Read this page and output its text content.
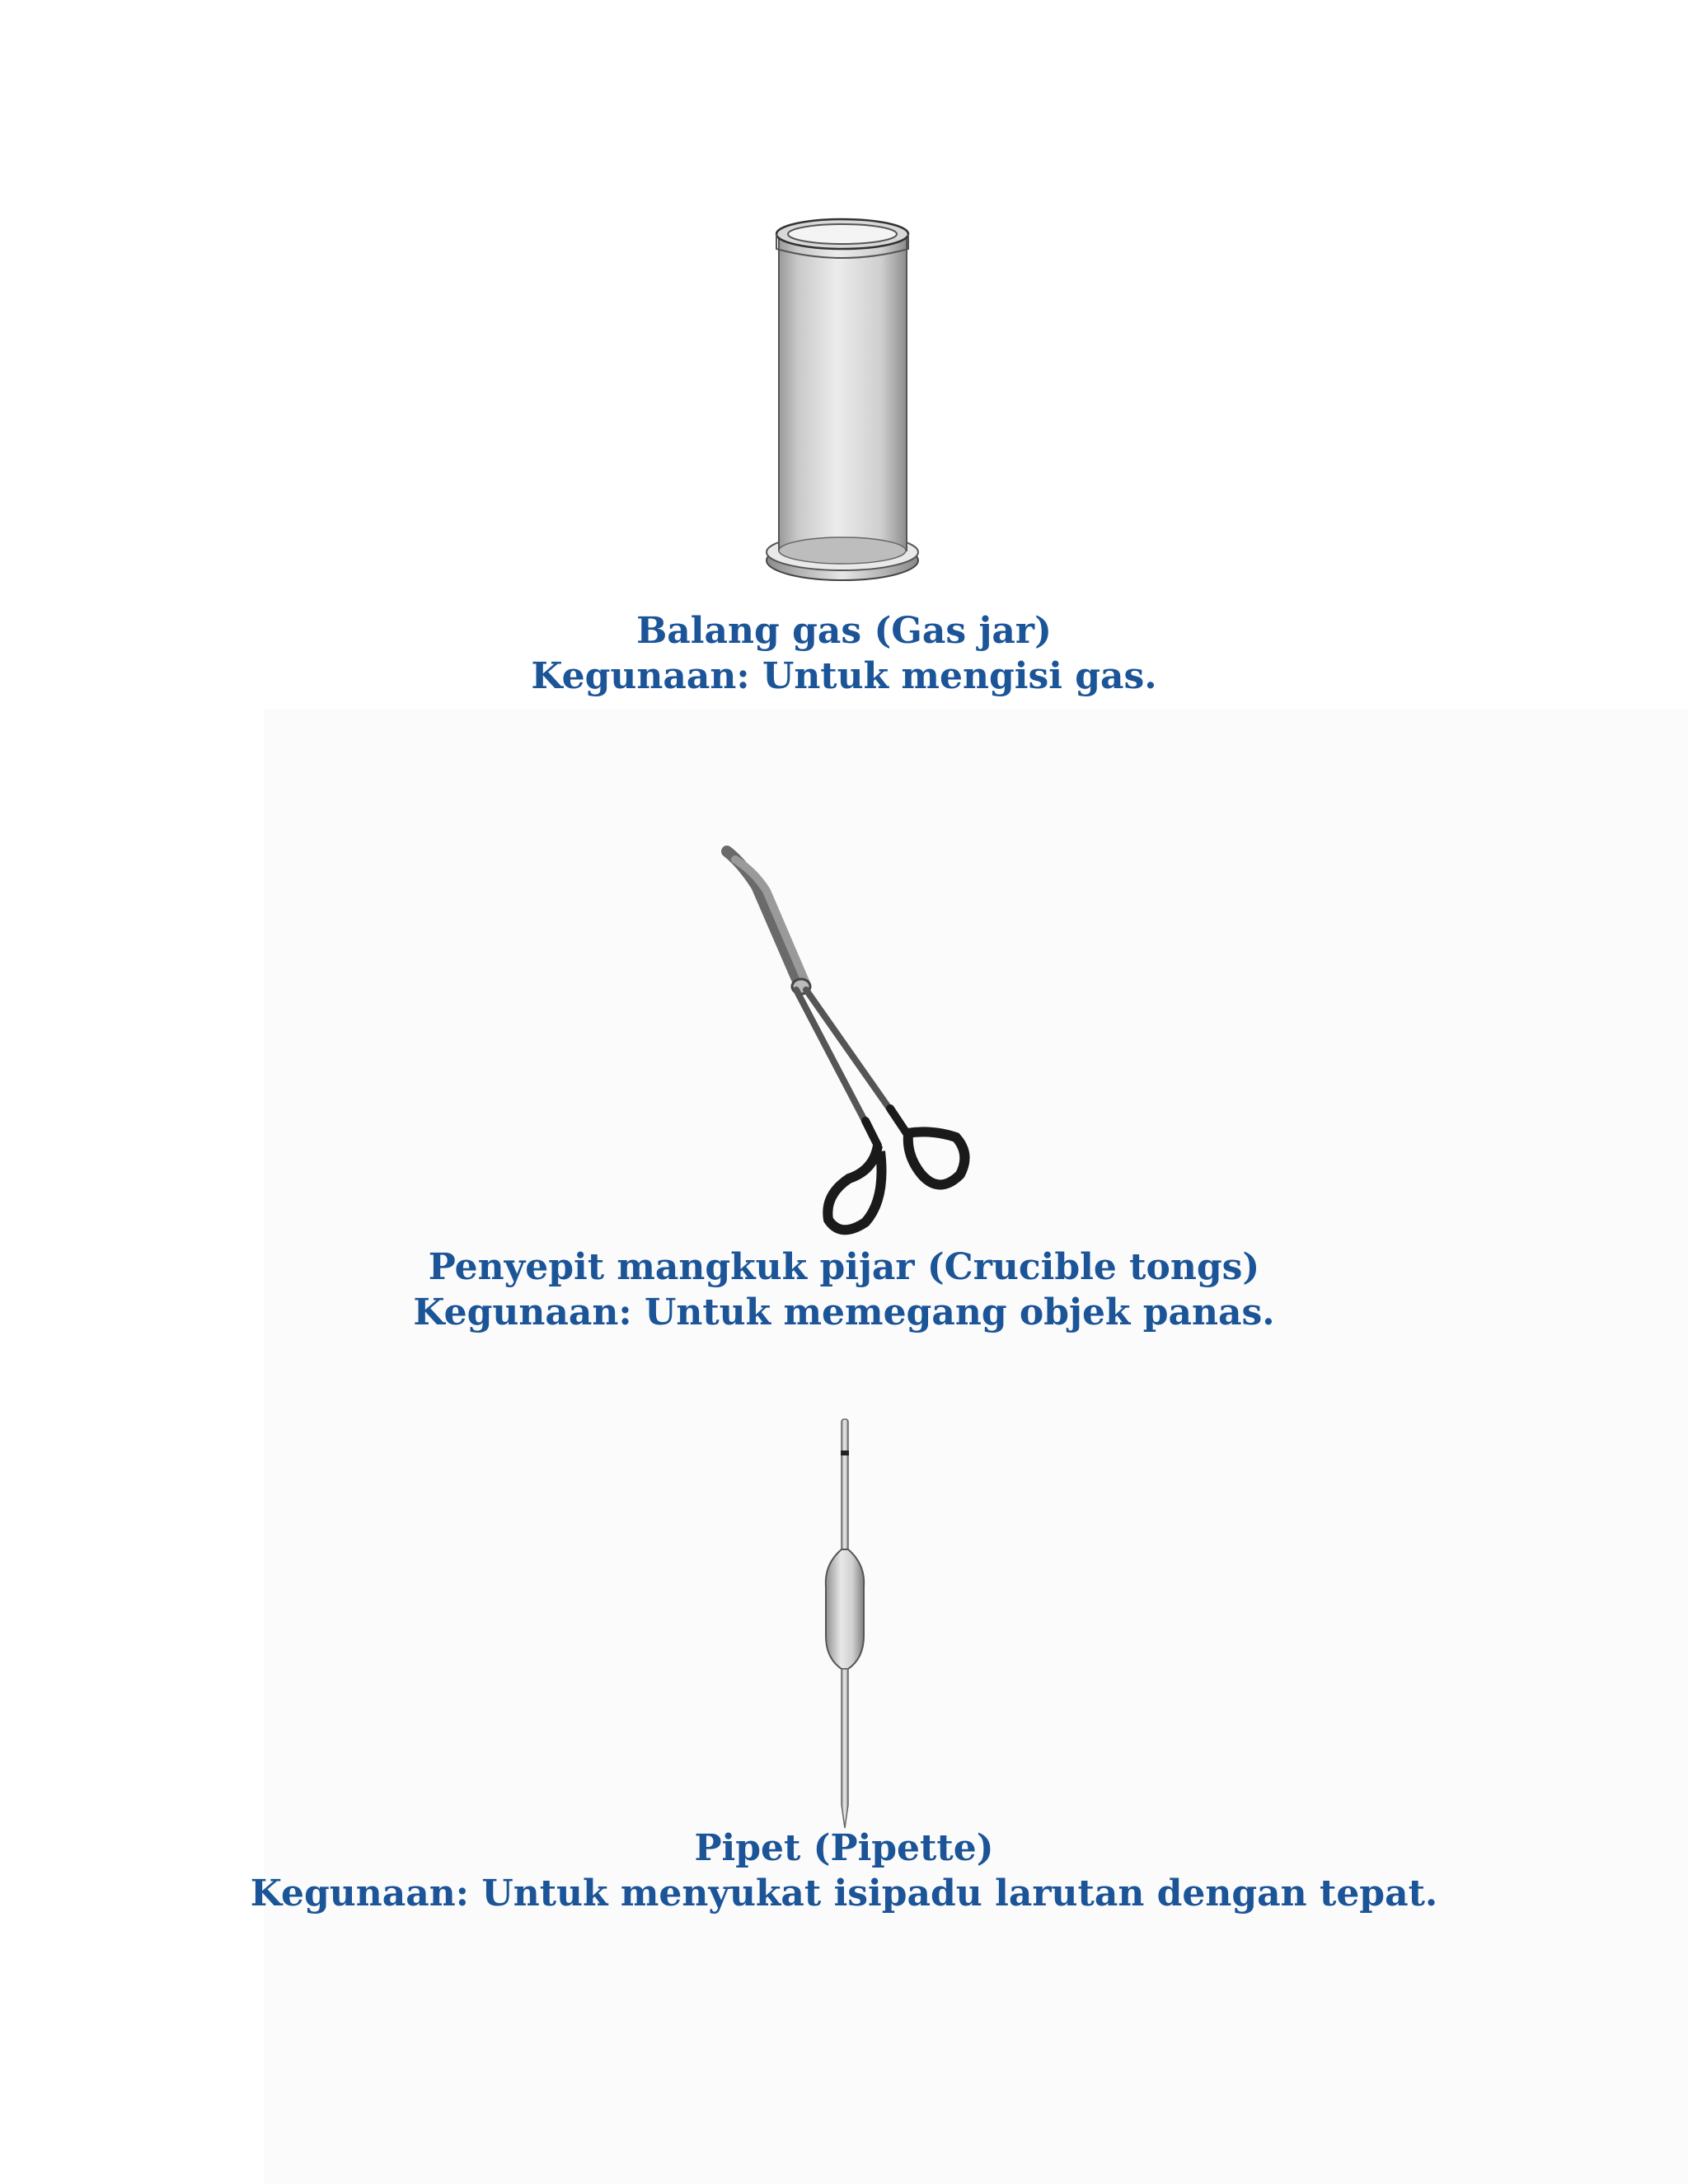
Balang gas (Gas jar)
Kegunaan: Untuk mengisi gas.
Penyepit mangkuk pijar (Crucible tongs)
Kegunaan: Untuk memegang objek panas.
Pipet (Pipette)
Kegunaan: Untuk menyukat isipadu larutan dengan tepat.
